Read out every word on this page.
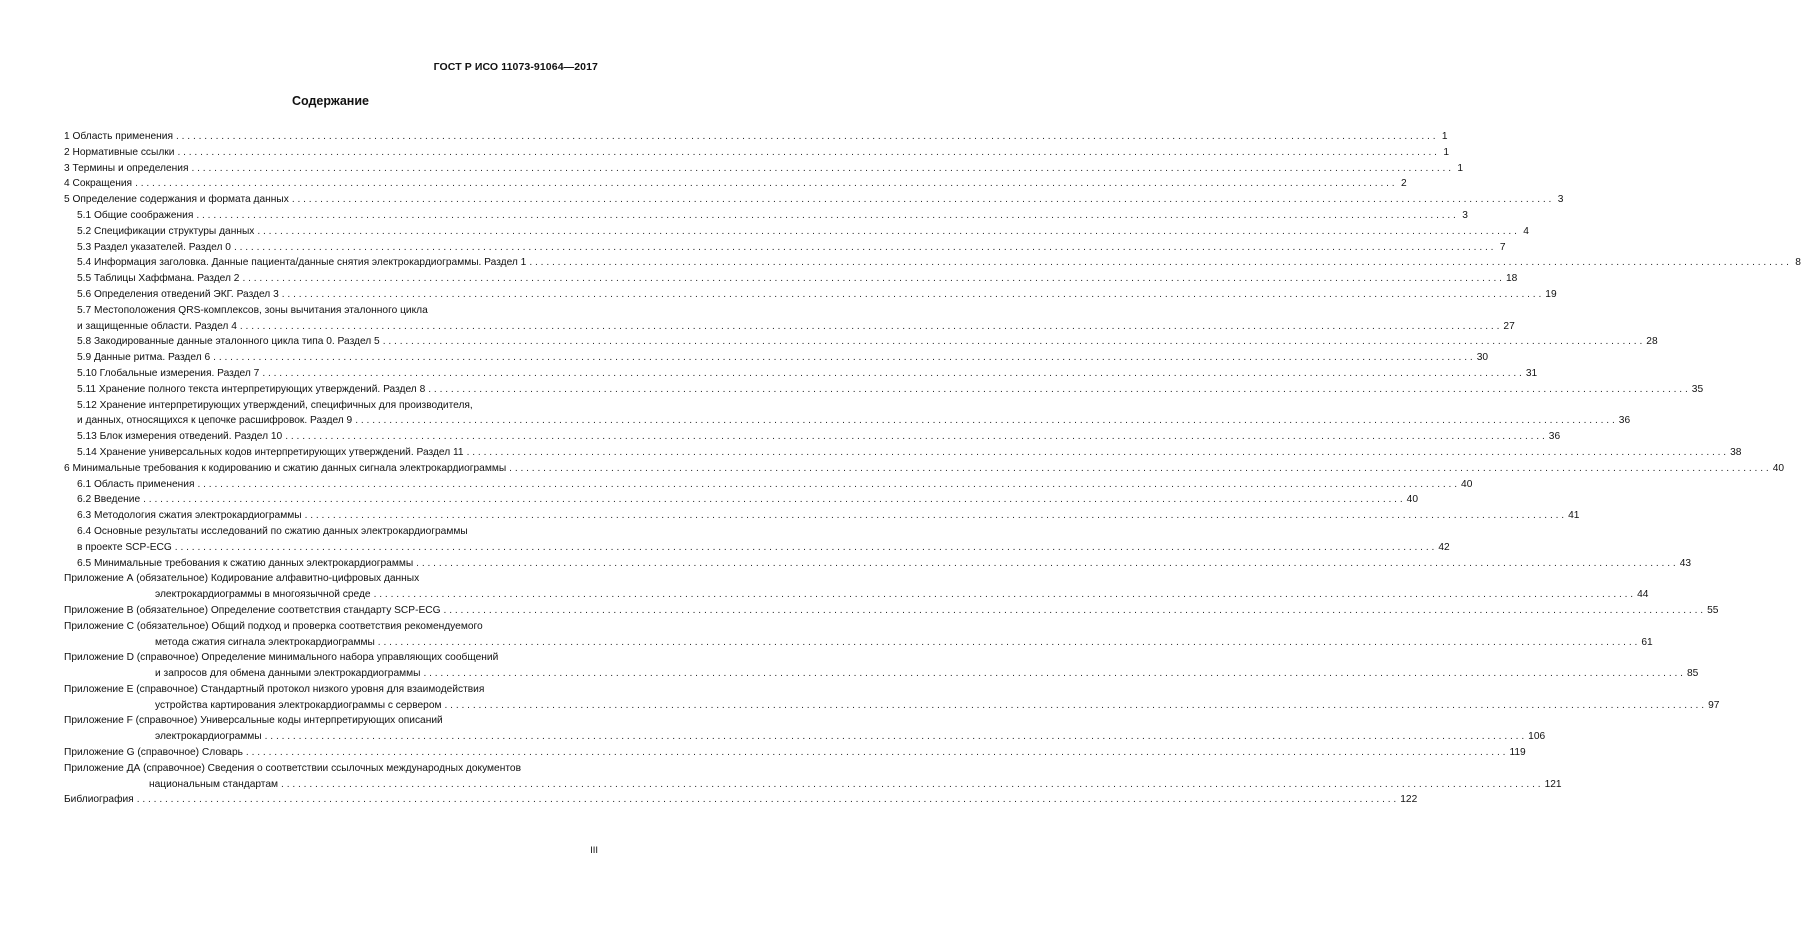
ГОСТ Р ИСО 11073-91064—2017
Содержание
1 Область применения . . .	1
2 Нормативные ссылки . . .	1
3 Термины и определения . . .	1
4 Сокращения . . .	2
5 Определение содержания и формата данных . . .	3
5.1 Общие соображения . . .	3
5.2 Спецификации структуры данных . . .	4
5.3 Раздел указателей. Раздел 0 . . .	7
5.4 Информация заголовка. Данные пациента/данные снятия электрокардиограммы. Раздел 1 . . .	8
5.5 Таблицы Хаффмана. Раздел 2 . . .	18
5.6 Определения отведений ЭКГ. Раздел 3 . . .	19
5.7 Местоположения QRS-комплексов, зоны вычитания эталонного цикла
и защищенные области. Раздел 4 . . .	27
5.8 Закодированные данные эталонного цикла типа 0. Раздел 5 . . .	28
5.9 Данные ритма. Раздел 6 . . .	30
5.10 Глобальные измерения. Раздел 7 . . .	31
5.11 Хранение полного текста интерпретирующих утверждений. Раздел 8 . . .	35
5.12 Хранение интерпретирующих утверждений, специфичных для производителя,
и данных, относящихся к цепочке расшифровок. Раздел 9 . . .	36
5.13 Блок измерения отведений. Раздел 10 . . .	36
5.14 Хранение универсальных кодов интерпретирующих утверждений. Раздел 11 . . .	38
6 Минимальные требования к кодированию и сжатию данных сигнала электрокардиограммы . . .	40
6.1 Область применения . . .	40
6.2 Введение . . .	40
6.3 Методология сжатия электрокардиограммы . . .	41
6.4 Основные результаты исследований по сжатию данных электрокардиограммы
в проекте SCP-ECG . . .	42
6.5 Минимальные требования к сжатию данных электрокардиограммы . . .	43
Приложение А (обязательное) Кодирование алфавитно-цифровых данных
электрокардиограммы в многоязычной среде . . .	44
Приложение В (обязательное) Определение соответствия стандарту SCP-ECG . . .	55
Приложение С (обязательное) Общий подход и проверка соответствия рекомендуемого
метода сжатия сигнала электрокардиограммы . . .	61
Приложение D (справочное) Определение минимального набора управляющих сообщений
и запросов для обмена данными электрокардиограммы . . .	85
Приложение Е (справочное) Стандартный протокол низкого уровня для взаимодействия
устройства картирования электрокардиограммы с сервером . . .	97
Приложение F (справочное) Универсальные коды интерпретирующих описаний
электрокардиограммы . . .	106
Приложение G (справочное) Словарь . . .	119
Приложение ДА (справочное) Сведения о соответствии ссылочных международных документов
национальным стандартам . . .	121
Библиография . . .	122
III
